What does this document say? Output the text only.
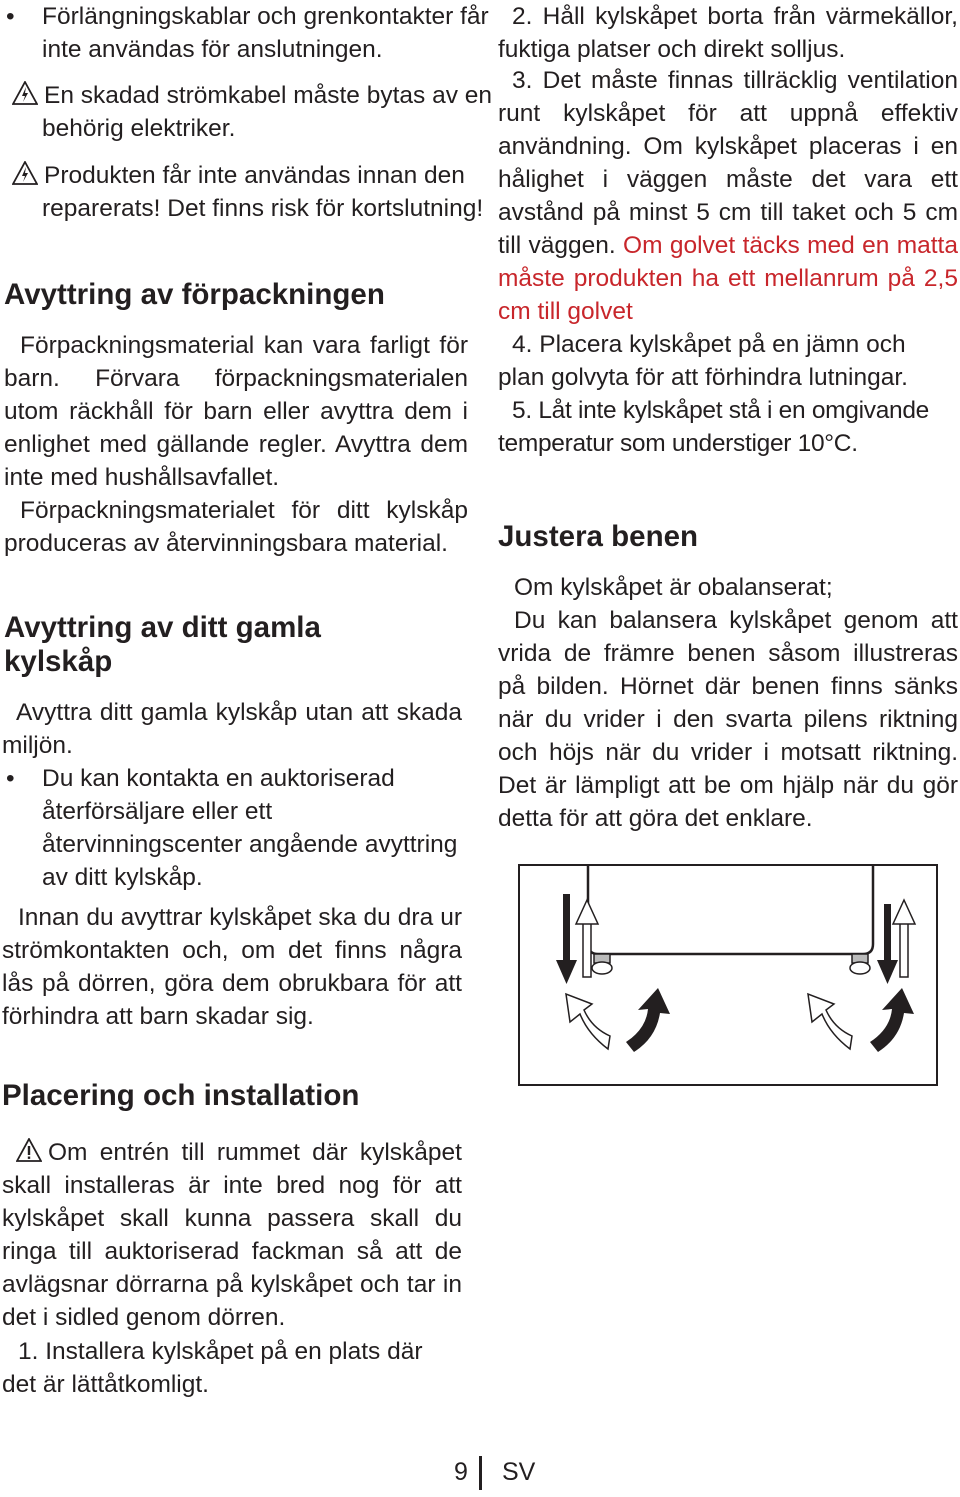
• Förlängningskablar och grenkontakter får inte användas för anslutningen.
En skadad strömkabel måste bytas av en behörig elektriker.
Produkten får inte användas innan den reparerats! Det finns risk för kortslutning!
Avyttring av förpackningen

Förpackningsmaterial kan vara farligt för barn. Förvara förpackningsmaterialen utom räckhåll för barn eller avyttra dem i enlighet med gällande regler. Avyttra dem inte med hushållsavfallet.

Förpackningsmaterialet för ditt kylskåp produceras av återvinningsbara material.

Avyttring av ditt gamla
kylskåp

Avyttra ditt gamla kylskåp utan att skada miljön.

• Du kan kontakta en auktoriserad återförsäljare eller ett återvinningscenter angående avyttring av ditt kylskåp.

Innan du avyttrar kylskåpet ska du dra ur strömkontakten och, om det finns några lås på dörren, göra dem obrukbara för att förhindra att barn skadar sig.

Placering och installation
Om entrén till rummet där kylskåpet skall installeras är inte bred nog för att kylskåpet skall kunna passera skall du ringa till auktoriserad fackman så att de avlägsnar dörrarna på kylskåpet och tar in det i sidled genom dörren.

1. Installera kylskåpet på en plats där det är lättåtkomligt.

2. Håll kylskåpet borta från värmekällor, fuktiga platser och direkt solljus.

3. Det måste finnas tillräcklig ventilation runt kylskåpet för att uppnå effektiv användning. Om kylskåpet placeras i en hålighet i väggen måste det vara ett avstånd på minst 5 cm till taket och 5 cm till väggen. Om golvet täcks med en matta måste produkten ha ett mellanrum på 2,5 cm till golvet

4. Placera kylskåpet på en jämn och plan golvyta för att förhindra lutningar.

5. Låt inte kylskåpet stå i en omgivande temperatur som understiger 10°C.

Justera benen

Om kylskåpet är obalanserat;

Du kan balansera kylskåpet genom att vrida de främre benen såsom illustreras på bilden. Hörnet där benen finns sänks när du vrider i den svarta pilens riktning och höjs när du vrider i motsatt riktning. Det är lämpligt att be om hjälp när du gör detta för att göra det enklare.

9 SV
